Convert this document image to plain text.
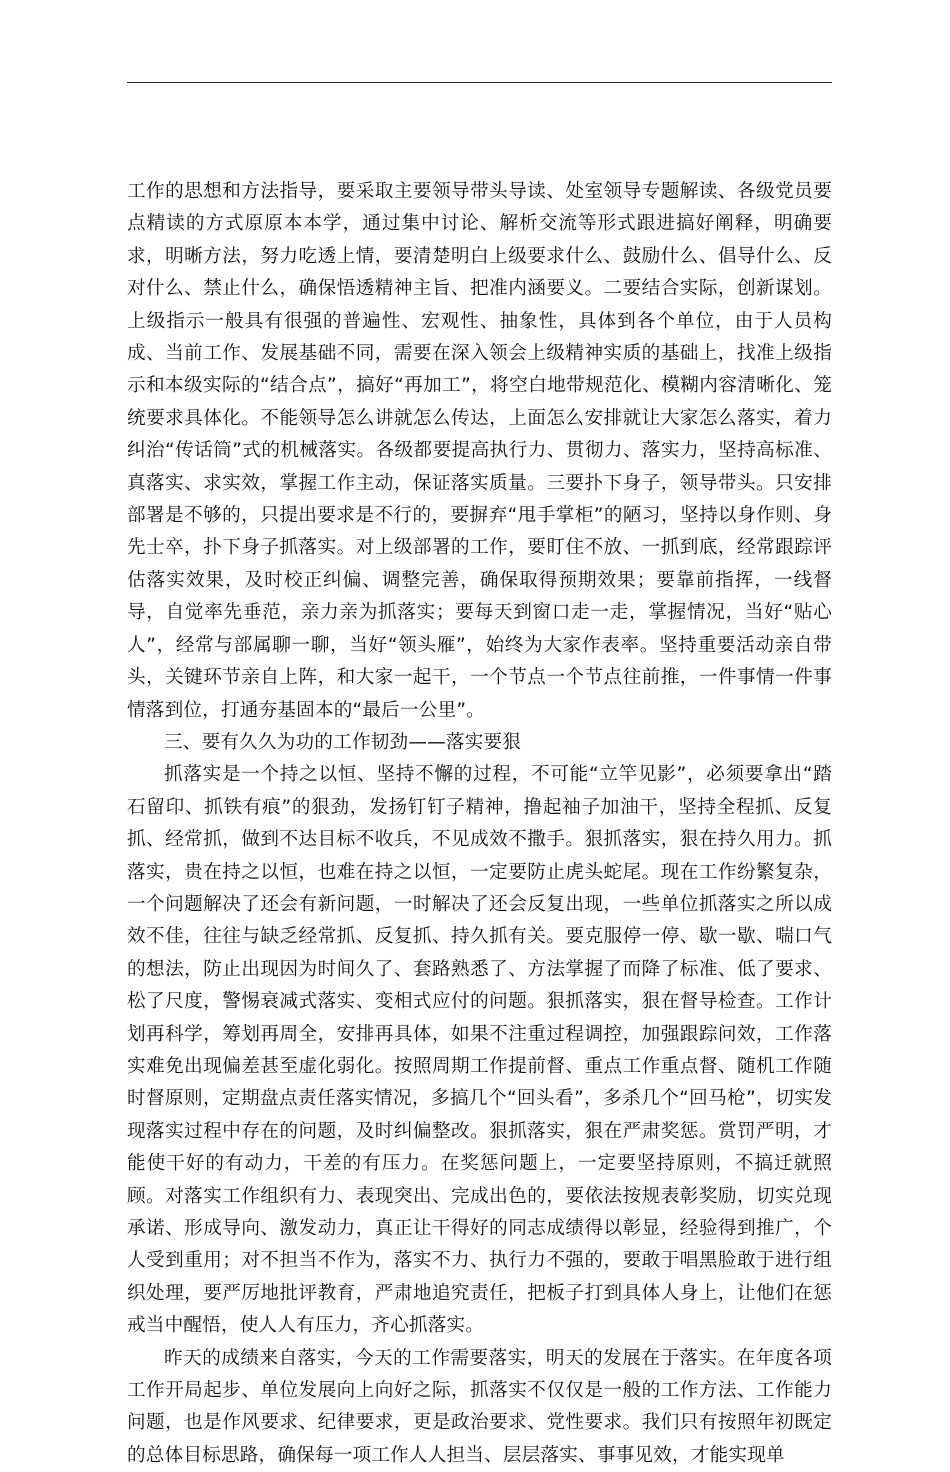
工作的思想和方法指导，要采取主要领导带头导读、处室领导专题解读、各级党员要点精读的方式原原本本学，通过集中讨论、解析交流等形式跟进搞好阐释，明确要求，明晰方法，努力吃透上情，要清楚明白上级要求什么、鼓励什么、倡导什么、反对什么、禁止什么，确保悟透精神主旨、把准内涵要义。二要结合实际，创新谋划。上级指示一般具有很强的普遍性、宏观性、抽象性，具体到各个单位，由于人员构成、当前工作、发展基础不同，需要在深入领会上级精神实质的基础上，找准上级指示和本级实际的“结合点”，搞好“再加工”，将空白地带规范化、模糊内容清晰化、笼统要求具体化。不能领导怎么讲就怎么传达，上面怎么安排就让大家怎么落实，着力纠治“传话筒”式的机械落实。各级都要提高执行力、贯彻力、落实力，坚持高标准、真落实、求实效，掌握工作主动，保证落实质量。三要扑下身子，领导带头。只安排部署是不够的，只提出要求是不行的，要摒弃“甩手掌柜”的陋习，坚持以身作则、身先士卒，扑下身子抓落实。对上级部署的工作，要盯住不放、一抓到底，经常跟踪评估落实效果，及时校正纠偏、调整完善，确保取得预期效果；要靠前指挥，一线督导，自觉率先垂范，亲力亲为抓落实；要每天到窗口走一走，掌握情况，当好“贴心人”，经常与部属聊一聊，当好“领头雁”，始终为大家作表率。坚持重要活动亲自带头，关键环节亲自上阵，和大家一起干，一个节点一个节点往前推，一件事情一件事情落到位，打通夯基固本的“最后一公里”。

三、要有久久为功的工作韧劲——落实要狠

抓落实是一个持之以恒、坚持不懈的过程，不可能“立竿见影”，必须要拿出“踏石留印、抓铁有痕”的狠劲，发扬钉钉子精神，撸起袖子加油干，坚持全程抓、反复抓、经常抓，做到不达目标不收兵，不见成效不撒手。狠抓落实，狠在持久用力。抓落实，贵在持之以恒，也难在持之以恒，一定要防止虎头蛇尾。现在工作纷繁复杂，一个问题解决了还会有新问题，一时解决了还会反复出现，一些单位抓落实之所以成效不佳，往往与缺乏经常抓、反复抓、持久抓有关。要克服停一停、歇一歇、喘口气的想法，防止出现因为时间久了、套路熟悉了、方法掌握了而降了标准、低了要求、松了尺度，警惕衰减式落实、变相式应付的问题。狠抓落实，狠在督导检查。工作计划再科学，筹划再周全，安排再具体，如果不注重过程调控，加强跟踪问效，工作落实难免出现偏差甚至虚化弱化。按照周期工作提前督、重点工作重点督、随机工作随时督原则，定期盘点责任落实情况，多搞几个“回头看”，多杀几个“回马枪”，切实发现落实过程中存在的问题，及时纠偏整改。狠抓落实，狠在严肃奖惩。赏罚严明，才能使干好的有动力，干差的有压力。在奖惩问题上，一定要坚持原则，不搞迁就照顾。对落实工作组织有力、表现突出、完成出色的，要依法按规表彰奖励，切实兑现承诺、形成导向、激发动力，真正让干得好的同志成绩得以彰显，经验得到推广，个人受到重用；对不担当不作为，落实不力、执行力不强的，要敢于唱黑脸敢于进行组织处理，要严厉地批评教育，严肃地追究责任，把板子打到具体人身上，让他们在惩戒当中醒悟，使人人有压力，齐心抓落实。

昨天的成绩来自落实，今天的工作需要落实，明天的发展在于落实。在年度各项工作开局起步、单位发展向上向好之际，抓落实不仅仅是一般的工作方法、工作能力问题，也是作风要求、纪律要求，更是政治要求、党性要求。我们只有按照年初既定的总体目标思路，确保每一项工作人人担当、层层落实、事事见效，才能实现单
